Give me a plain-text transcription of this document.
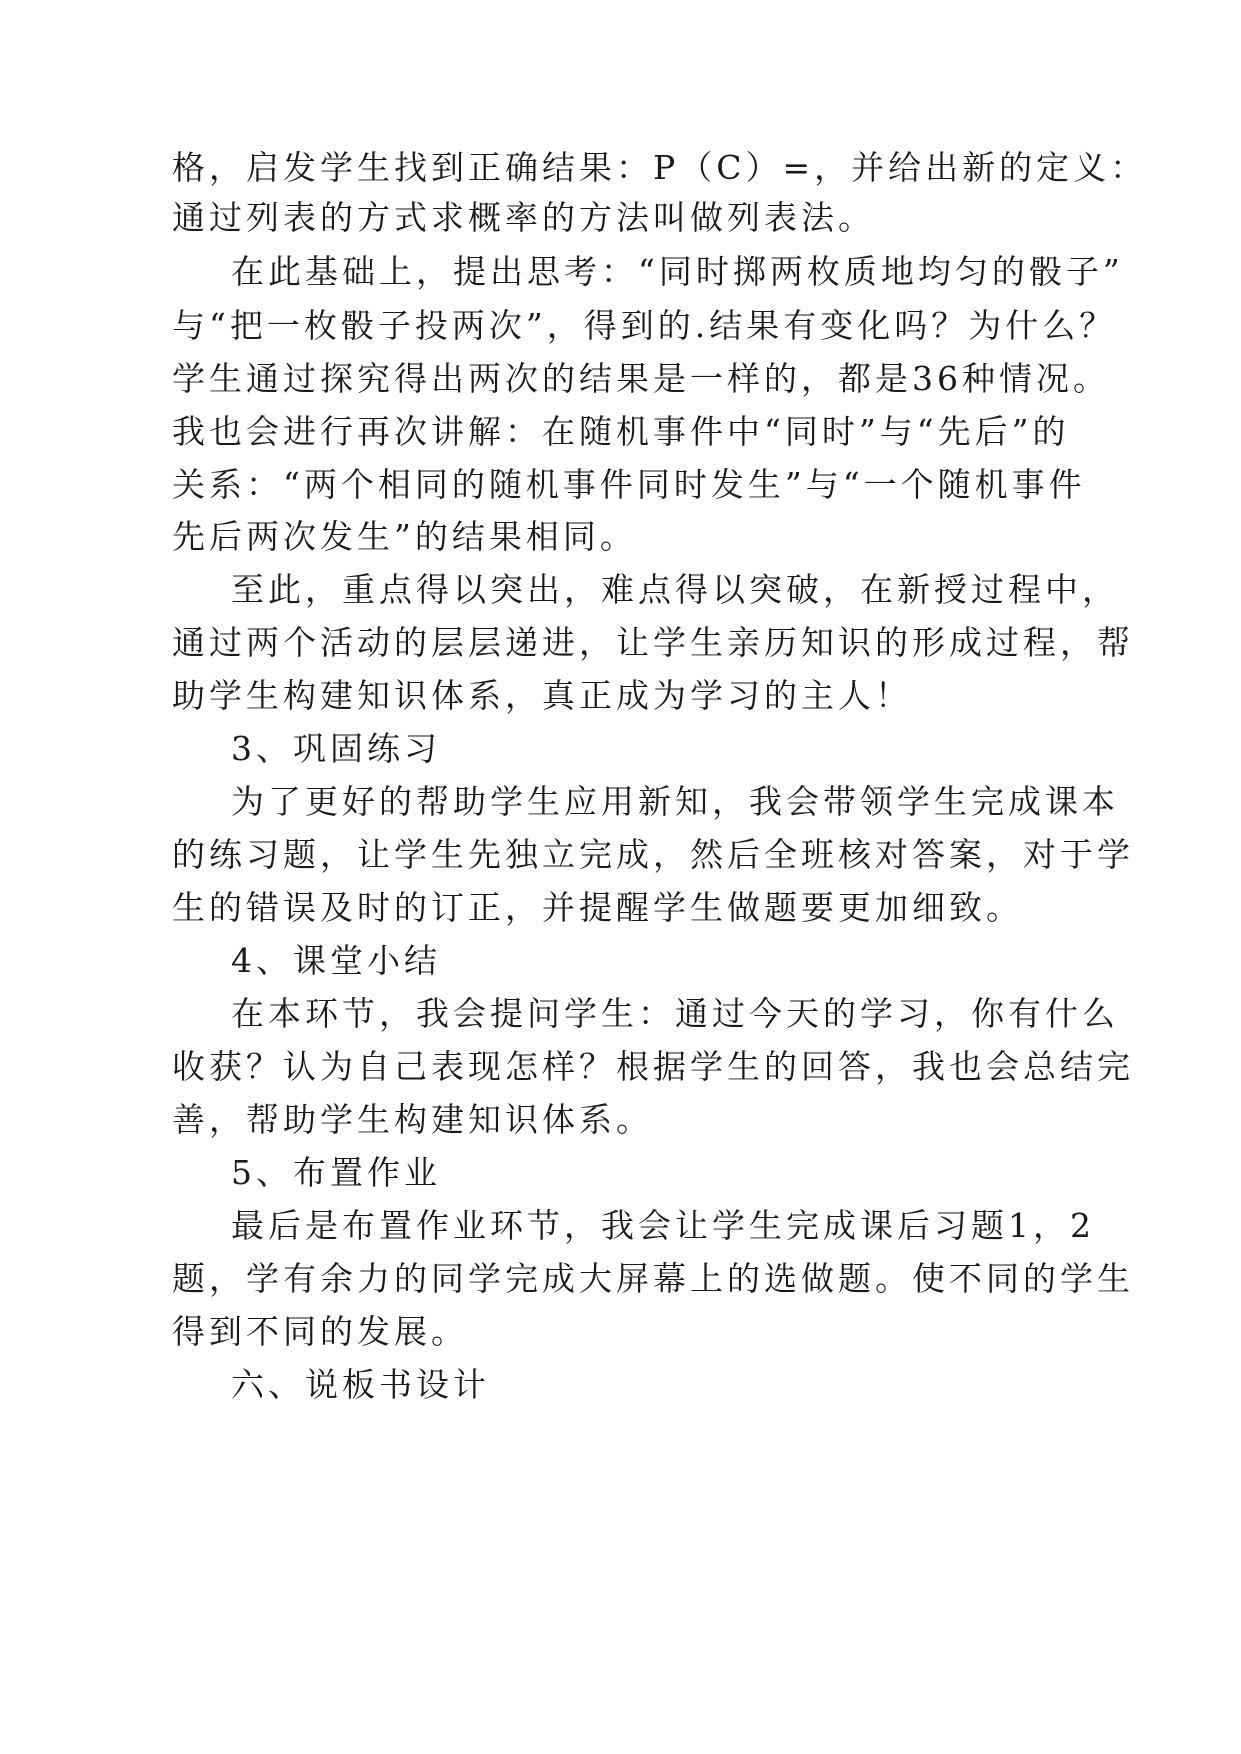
格，启发学生找到正确结果：P（C）=，并给出新的定义：
通过列表的方式求概率的方法叫做列表法。
在此基础上，提出思考：“同时掷两枚质地均匀的骰子”
与“把一枚骰子投两次”，得到的.结果有变化吗？为什么？
学生通过探究得出两次的结果是一样的，都是36种情况。
我也会进行再次讲解：在随机事件中“同时”与“先后”的
关系：“两个相同的随机事件同时发生”与“一个随机事件
先后两次发生”的结果相同。
至此，重点得以突出，难点得以突破，在新授过程中，
通过两个活动的层层递进，让学生亲历知识的形成过程，帮
助学生构建知识体系，真正成为学习的主人！
3、巩固练习
为了更好的帮助学生应用新知，我会带领学生完成课本
的练习题，让学生先独立完成，然后全班核对答案，对于学
生的错误及时的订正，并提醒学生做题要更加细致。
4、课堂小结
在本环节，我会提问学生：通过今天的学习，你有什么
收获？认为自己表现怎样？根据学生的回答，我也会总结完
善，帮助学生构建知识体系。
5、布置作业
最后是布置作业环节，我会让学生完成课后习题1，2
题，学有余力的同学完成大屏幕上的选做题。使不同的学生
得到不同的发展。
六、说板书设计
